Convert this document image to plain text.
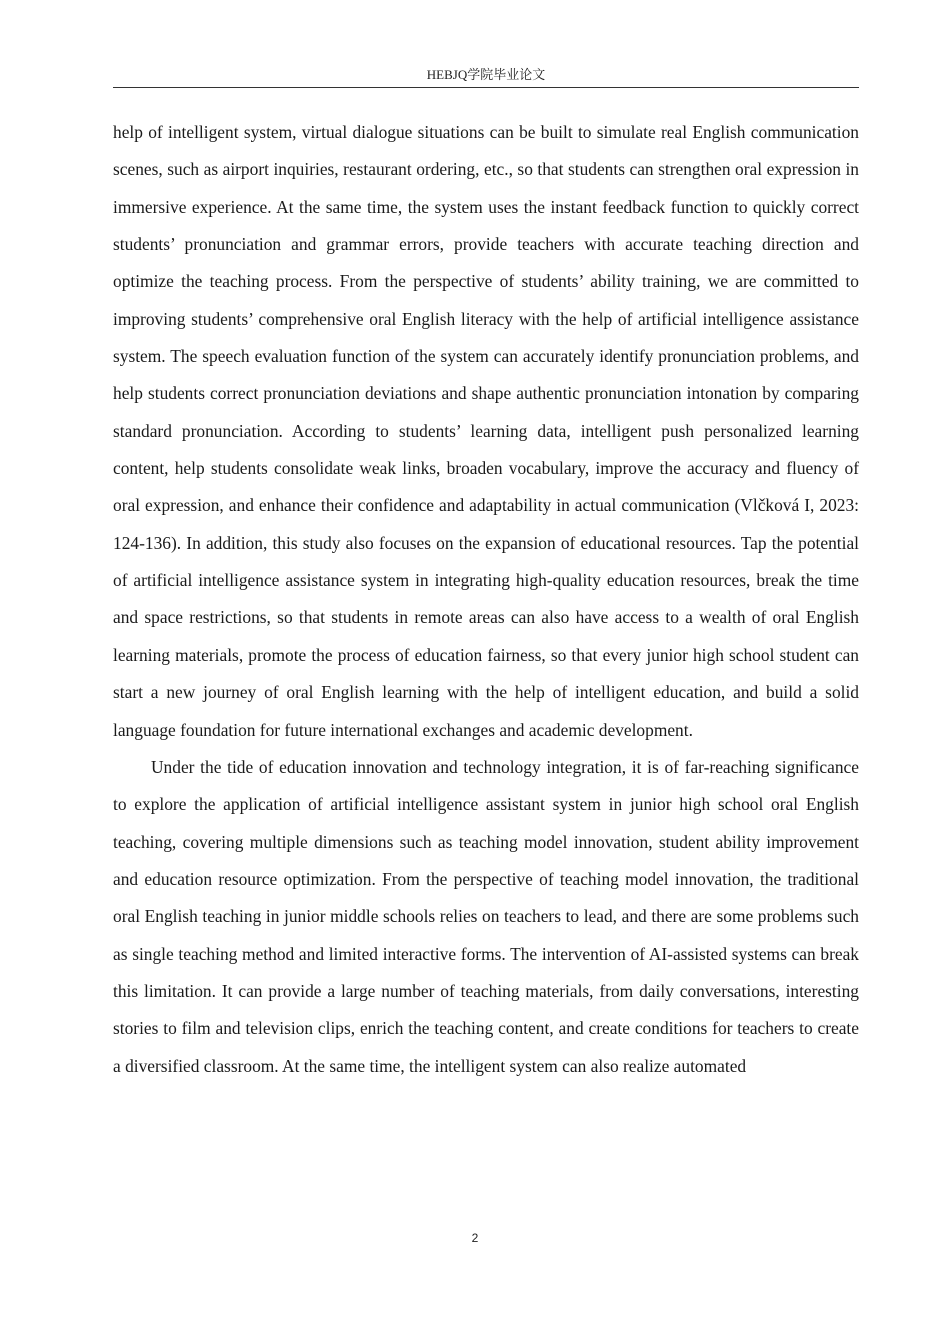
HEBJQ学院毕业论文

help of intelligent system, virtual dialogue situations can be built to simulate real English communication scenes, such as airport inquiries, restaurant ordering, etc., so that students can strengthen oral expression in immersive experience. At the same time, the system uses the instant feedback function to quickly correct students’ pronunciation and grammar errors, provide teachers with accurate teaching direction and optimize the teaching process. From the perspective of students’ ability training, we are committed to improving students’ comprehensive oral English literacy with the help of artificial intelligence assistance system. The speech evaluation function of the system can accurately identify pronunciation problems, and help students correct pronunciation deviations and shape authentic pronunciation intonation by comparing standard pronunciation. According to students’ learning data, intelligent push personalized learning content, help students consolidate weak links, broaden vocabulary, improve the accuracy and fluency of oral expression, and enhance their confidence and adaptability in actual communication (Vlčková I, 2023: 124-136). In addition, this study also focuses on the expansion of educational resources. Tap the potential of artificial intelligence assistance system in integrating high-quality education resources, break the time and space restrictions, so that students in remote areas can also have access to a wealth of oral English learning materials, promote the process of education fairness, so that every junior high school student can start a new journey of oral English learning with the help of intelligent education, and build a solid language foundation for future international exchanges and academic development.

Under the tide of education innovation and technology integration, it is of far-reaching significance to explore the application of artificial intelligence assistant system in junior high school oral English teaching, covering multiple dimensions such as teaching model innovation, student ability improvement and education resource optimization. From the perspective of teaching model innovation, the traditional oral English teaching in junior middle schools relies on teachers to lead, and there are some problems such as single teaching method and limited interactive forms. The intervention of AI-assisted systems can break this limitation. It can provide a large number of teaching materials, from daily conversations, interesting stories to film and television clips, enrich the teaching content, and create conditions for teachers to create a diversified classroom. At the same time, the intelligent system can also realize automated

2
